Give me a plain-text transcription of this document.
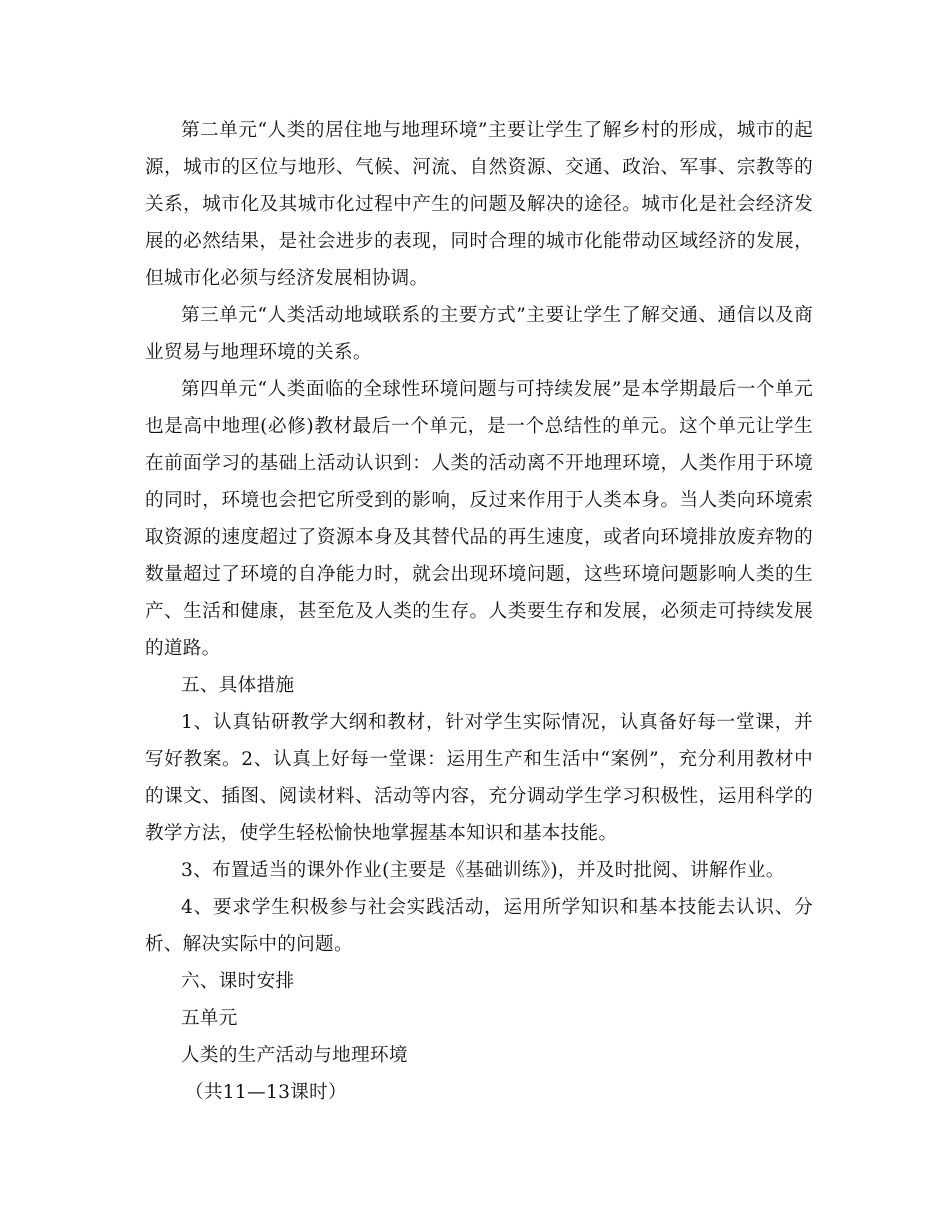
第二单元“人类的居住地与地理环境”主要让学生了解乡村的形成，城市的起源，城市的区位与地形、气候、河流、自然资源、交通、政治、军事、宗教等的关系，城市化及其城市化过程中产生的问题及解决的途径。城市化是社会经济发展的必然结果，是社会进步的表现，同时合理的城市化能带动区域经济的发展，但城市化必须与经济发展相协调。

第三单元“人类活动地域联系的主要方式”主要让学生了解交通、通信以及商业贸易与地理环境的关系。

第四单元“人类面临的全球性环境问题与可持续发展”是本学期最后一个单元也是高中地理(必修)教材最后一个单元，是一个总结性的单元。这个单元让学生在前面学习的基础上活动认识到：人类的活动离不开地理环境，人类作用于环境的同时，环境也会把它所受到的影响，反过来作用于人类本身。当人类向环境索取资源的速度超过了资源本身及其替代品的再生速度，或者向环境排放废弃物的数量超过了环境的自净能力时，就会出现环境问题，这些环境问题影响人类的生产、生活和健康，甚至危及人类的生存。人类要生存和发展，必须走可持续发展的道路。

五、具体措施

1、认真钻研教学大纲和教材，针对学生实际情况，认真备好每一堂课，并写好教案。2、认真上好每一堂课：运用生产和生活中“案例”，充分利用教材中的课文、插图、阅读材料、活动等内容，充分调动学生学习积极性，运用科学的教学方法，使学生轻松愉快地掌握基本知识和基本技能。

3、布置适当的课外作业(主要是《基础训练》)，并及时批阅、讲解作业。

4、要求学生积极参与社会实践活动，运用所学知识和基本技能去认识、分析、解决实际中的问题。

六、课时安排

五单元

人类的生产活动与地理环境

（共11—13课时）
